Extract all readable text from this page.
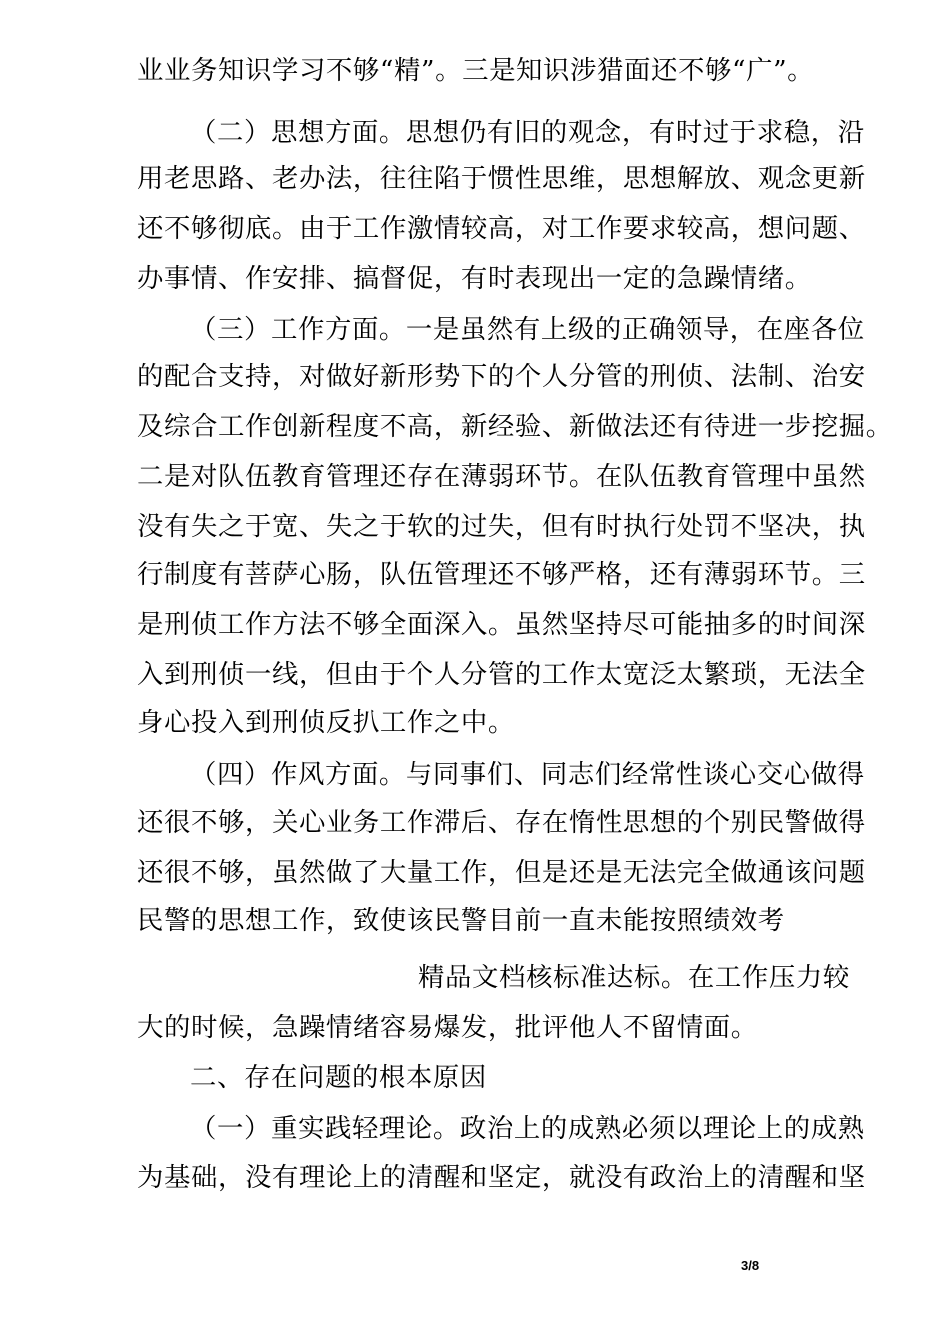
业业务知识学习不够“精”。三是知识涉猎面还不够“广”。
（二）思想方面。思想仍有旧的观念，有时过于求稳，沿
用老思路、老办法，往往陷于惯性思维，思想解放、观念更新
还不够彻底。由于工作激情较高，对工作要求较高，想问题、
办事情、作安排、搞督促，有时表现出一定的急躁情绪。
（三）工作方面。一是虽然有上级的正确领导，在座各位
的配合支持，对做好新形势下的个人分管的刑侦、法制、治安
及综合工作创新程度不高，新经验、新做法还有待进一步挖掘。
二是对队伍教育管理还存在薄弱环节。在队伍教育管理中虽然
没有失之于宽、失之于软的过失，但有时执行处罚不坚决，执
行制度有菩萨心肠，队伍管理还不够严格，还有薄弱环节。三
是刑侦工作方法不够全面深入。虽然坚持尽可能抽多的时间深
入到刑侦一线，但由于个人分管的工作太宽泛太繁琐，无法全
身心投入到刑侦反扒工作之中。
（四）作风方面。与同事们、同志们经常性谈心交心做得
还很不够，关心业务工作滞后、存在惰性思想的个别民警做得
还很不够，虽然做了大量工作，但是还是无法完全做通该问题
民警的思想工作，致使该民警目前一直未能按照绩效考
精品文档核标准达标。在工作压力较
大的时候，急躁情绪容易爆发，批评他人不留情面。
二、存在问题的根本原因
（一）重实践轻理论。政治上的成熟必须以理论上的成熟
为基础，没有理论上的清醒和坚定，就没有政治上的清醒和坚
3/8
